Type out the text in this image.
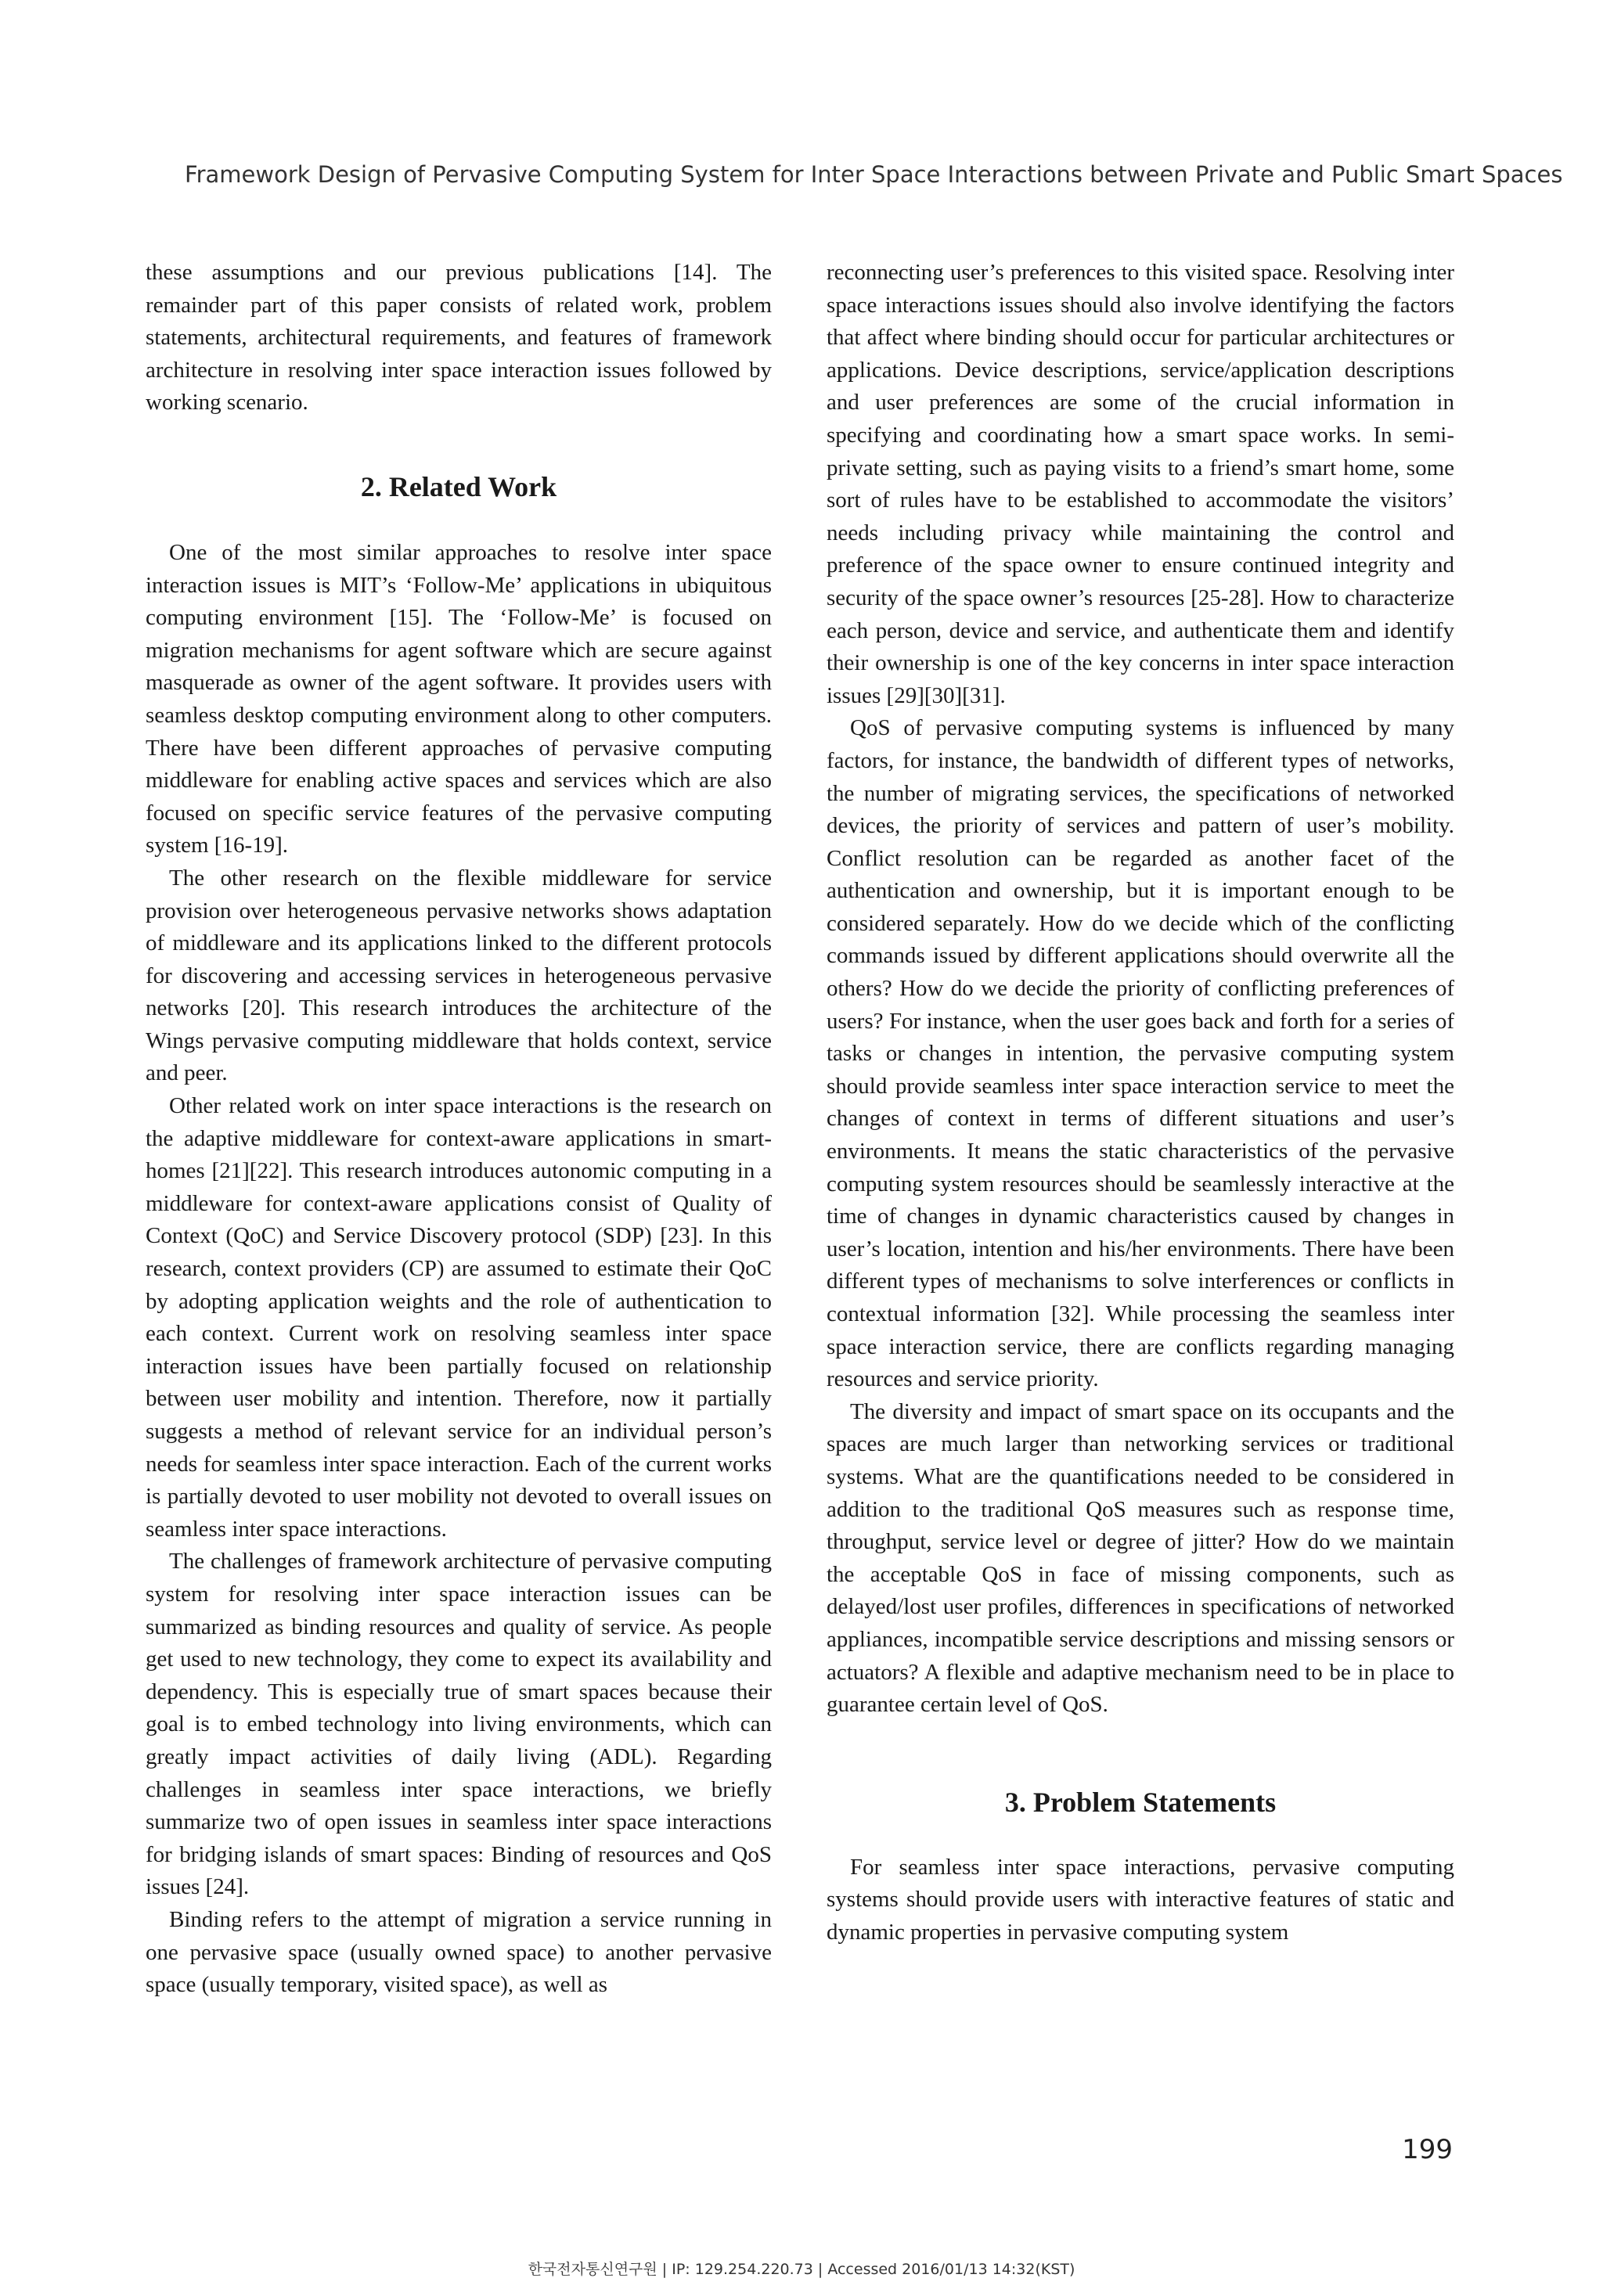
Framework Design of Pervasive Computing System for Inter Space Interactions between Private and Public Smart Spaces

these assumptions and our previous publications [14]. The remainder part of this paper consists of related work, problem statements, architectural requirements, and features of framework architecture in resolving inter space interaction issues followed by working scenario.

2. Related Work

One of the most similar approaches to resolve inter space interaction issues is MIT’s ‘Follow-Me’ applications in ubiquitous computing environment [15]. The ‘Follow-Me’ is focused on migration mechanisms for agent software which are secure against masquerade as owner of the agent software. It provides users with seamless desktop computing environment along to other computers. There have been different approaches of pervasive computing middleware for enabling active spaces and services which are also focused on specific service features of the pervasive computing system [16-19].

The other research on the flexible middleware for service provision over heterogeneous pervasive networks shows adaptation of middleware and its applications linked to the different protocols for discovering and accessing services in heterogeneous pervasive networks [20]. This research introduces the architecture of the Wings pervasive computing middleware that holds context, service and peer.

Other related work on inter space interactions is the research on the adaptive middleware for context-aware applications in smart-homes [21][22]. This research introduces autonomic computing in a middleware for context-aware applications consist of Quality of Context (QoC) and Service Discovery protocol (SDP) [23]. In this research, context providers (CP) are assumed to estimate their QoC by adopting application weights and the role of authentication to each context. Current work on resolving seamless inter space interaction issues have been partially focused on relationship between user mobility and intention. Therefore, now it partially suggests a method of relevant service for an individual person’s needs for seamless inter space interaction. Each of the current works is partially devoted to user mobility not devoted to overall issues on seamless inter space interactions.

The challenges of framework architecture of pervasive computing system for resolving inter space interaction issues can be summarized as binding resources and quality of service. As people get used to new technology, they come to expect its availability and dependency. This is especially true of smart spaces because their goal is to embed technology into living environments, which can greatly impact activities of daily living (ADL). Regarding challenges in seamless inter space interactions, we briefly summarize two of open issues in seamless inter space interactions for bridging islands of smart spaces: Binding of resources and QoS issues [24].

Binding refers to the attempt of migration a service running in one pervasive space (usually owned space) to another pervasive space (usually temporary, visited space), as well as

reconnecting user’s preferences to this visited space. Resolving inter space interactions issues should also involve identifying the factors that affect where binding should occur for particular architectures or applications. Device descriptions, service/application descriptions and user preferences are some of the crucial information in specifying and coordinating how a smart space works. In semi-private setting, such as paying visits to a friend’s smart home, some sort of rules have to be established to accommodate the visitors’ needs including privacy while maintaining the control and preference of the space owner to ensure continued integrity and security of the space owner’s resources [25-28]. How to characterize each person, device and service, and authenticate them and identify their ownership is one of the key concerns in inter space interaction issues [29][30][31].

QoS of pervasive computing systems is influenced by many factors, for instance, the bandwidth of different types of networks, the number of migrating services, the specifications of networked devices, the priority of services and pattern of user’s mobility. Conflict resolution can be regarded as another facet of the authentication and ownership, but it is important enough to be considered separately. How do we decide which of the conflicting commands issued by different applications should overwrite all the others? How do we decide the priority of conflicting preferences of users? For instance, when the user goes back and forth for a series of tasks or changes in intention, the pervasive computing system should provide seamless inter space interaction service to meet the changes of context in terms of different situations and user’s environments. It means the static characteristics of the pervasive computing system resources should be seamlessly interactive at the time of changes in dynamic characteristics caused by changes in user’s location, intention and his/her environments. There have been different types of mechanisms to solve interferences or conflicts in contextual information [32]. While processing the seamless inter space interaction service, there are conflicts regarding managing resources and service priority.

The diversity and impact of smart space on its occupants and the spaces are much larger than networking services or traditional systems. What are the quantifications needed to be considered in addition to the traditional QoS measures such as response time, throughput, service level or degree of jitter? How do we maintain the acceptable QoS in face of missing components, such as delayed/lost user profiles, differences in specifications of networked appliances, incompatible service descriptions and missing sensors or actuators? A flexible and adaptive mechanism need to be in place to guarantee certain level of QoS.

3. Problem Statements

For seamless inter space interactions, pervasive computing systems should provide users with interactive features of static and dynamic properties in pervasive computing system

199
한국전자통신연구원 | IP: 129.254.220.73 | Accessed 2016/01/13 14:32(KST)
